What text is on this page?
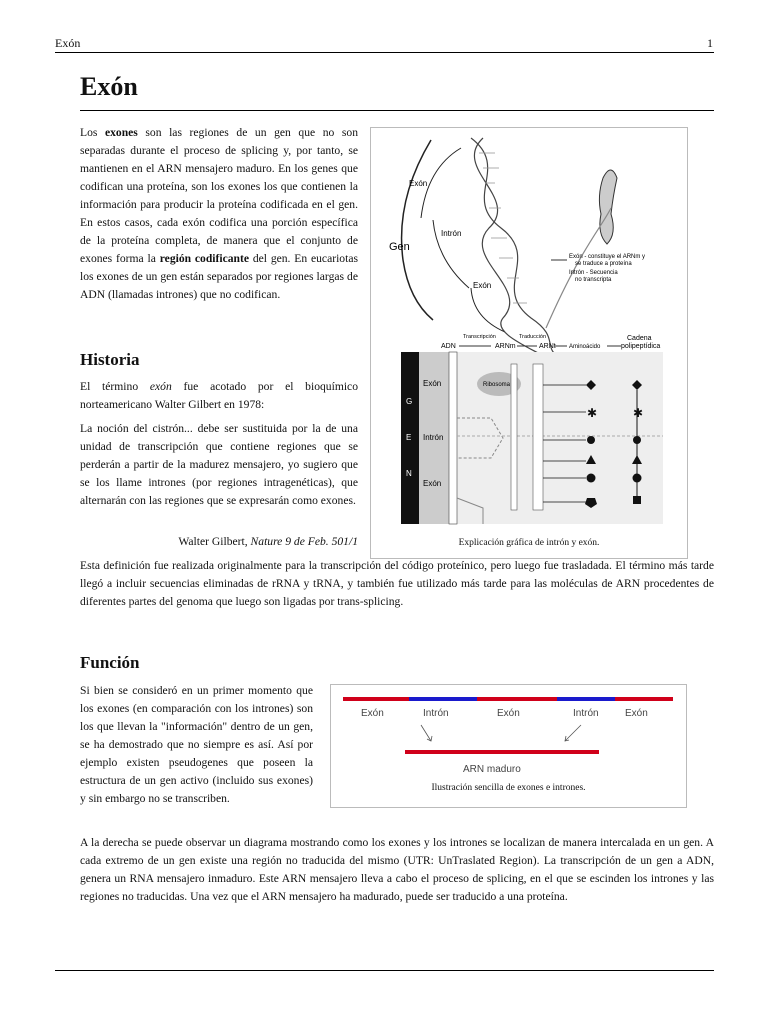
Exón	1
Exón

Los exones son las regiones de un gen que no son separadas durante el proceso de splicing y, por tanto, se mantienen en el ARN mensajero maduro. En los genes que codifican una proteína, son los exones los que contienen la información para producir la proteína codificada en el gen. En estos casos, cada exón codifica una porción específica de la proteína completa, de manera que el conjunto de exones forma la región codificante del gen. En eucariotas los exones de un gen están separados por regiones largas de ADN (llamadas intrones) que no codifican.

Exón
Gen
Intrón
Exón
Exón - constituye el ARNm y
se traduce a proteína
Intrón - Secuencia
no transcripta
Transcripción	Traducción
ADN	ARNm	ARNt Aminoácido
Cadena
polipeptídica
G
E
N
Exón
Intrón
Exón
Ribosoma
✱	✱
Explicación gráfica de intrón y exón.
Historia

El término exón fue acotado por el bioquímico norteamericano Walter Gilbert en 1978:

La noción del cistrón... debe ser sustituida por la de una unidad de transcripción que contiene regiones que se perderán a partir de la madurez mensajero, yo sugiero que se los llame intrones (por regiones intragenéticas), que alternarán con las regiones que se expresarán como exones.

Walter Gilbert, Nature 9 de Feb. 501/1

Esta definición fue realizada originalmente para la transcripción del código proteínico, pero luego fue trasladada. El término más tarde llegó a incluir secuencias eliminadas de rRNA y tRNA, y también fue utilizado más tarde para las moléculas de ARN procedentes de diferentes partes del genoma que luego son ligadas por trans-splicing.

Función

Si bien se consideró en un primer momento que los exones (en comparación con los intrones) son los que llevan la "información" dentro de un gen, se ha demostrado que no siempre es así. Así por ejemplo existen pseudogenes que poseen la estructura de un gen activo (incluido sus exones) y sin embargo no se transcriben.

Exón	Intrón	Exón	Intrón	Exón
ARN maduro
Ilustración sencilla de exones e intrones.

A la derecha se puede observar un diagrama mostrando como los exones y los intrones se localizan de manera intercalada en un gen. A cada extremo de un gen existe una región no traducida del mismo (UTR: UnTraslated Region). La transcripción de un gen a ADN, genera un RNA mensajero inmaduro. Este ARN mensajero lleva a cabo el proceso de splicing, en el que se escinden los intrones y las regiones no traducidas. Una vez que el ARN mensajero ha madurado, puede ser traducido a una proteína.
